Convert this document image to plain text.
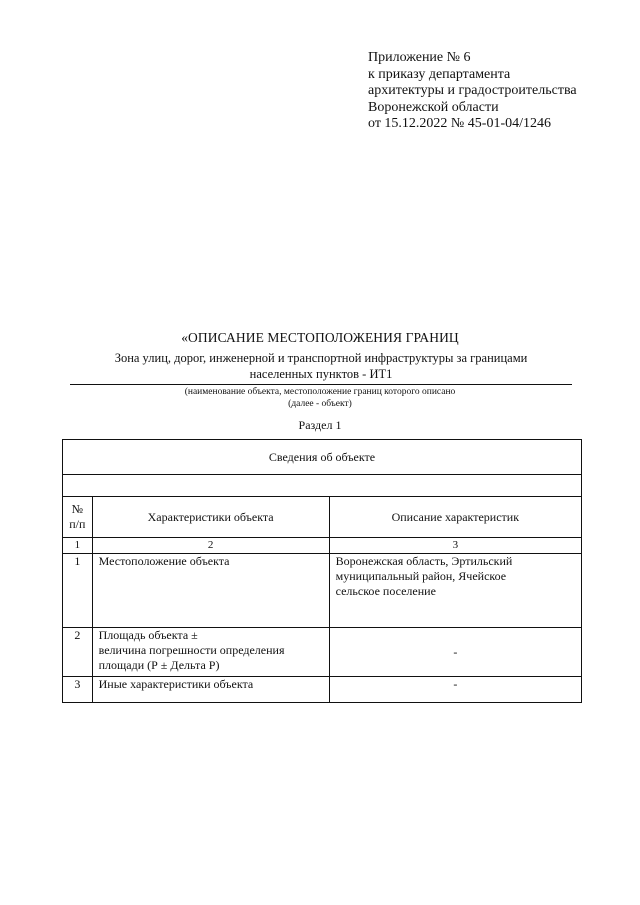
Приложение № 6
к приказу департамента
архитектуры и градостроительства
Воронежской области
от 15.12.2022 № 45-01-04/1246
«ОПИСАНИЕ МЕСТОПОЛОЖЕНИЯ ГРАНИЦ
Зона улиц, дорог, инженерной и транспортной инфраструктуры за границами
населенных пунктов - ИТ1
(наименование объекта, местоположение границ которого описано
(далее - объект)
Раздел 1
Сведения об объекте		

№
п/п	Характеристики объекта	Описание характеристик
1	2	3
1	Местоположение объекта	Воронежская область, Эртильский
муниципальный район, Ячейское
сельское поселение

2	Площадь объекта ±
величина погрешности определения
площади (Р ± Дельта Р)	-
3	Иные характеристики объекта	-
